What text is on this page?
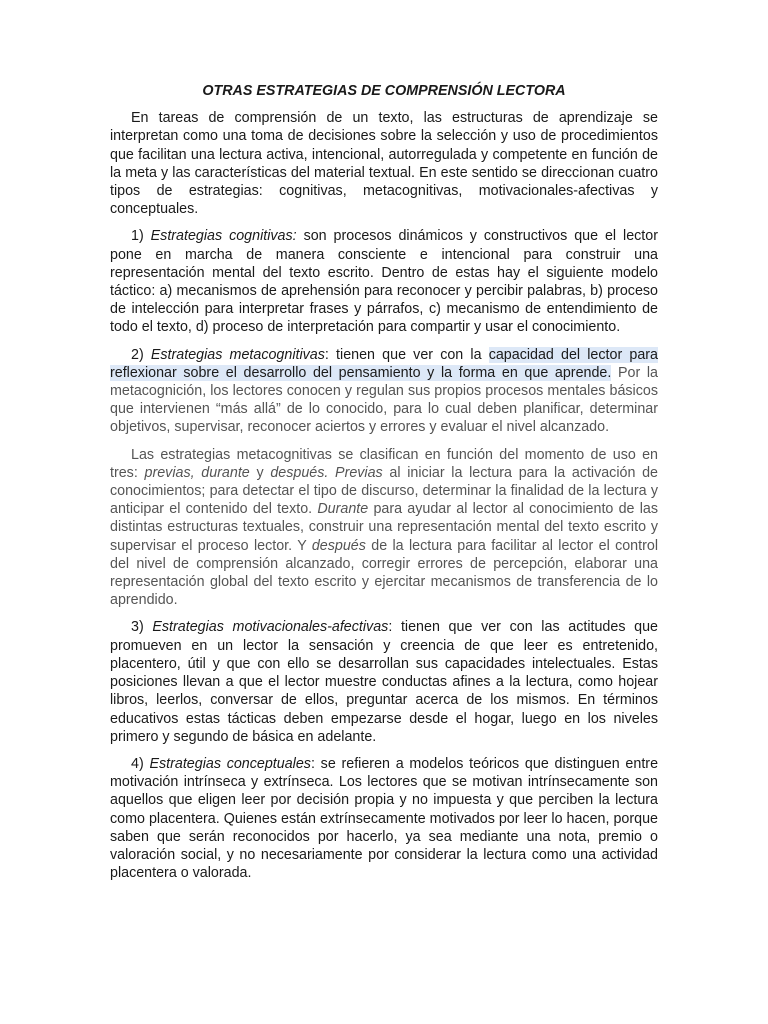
OTRAS ESTRATEGIAS DE COMPRENSIÓN LECTORA

En tareas de comprensión de un texto, las estructuras de aprendizaje se interpretan como una toma de decisiones sobre la selección y uso de procedimientos que facilitan una lectura activa, intencional, autorregulada y competente en función de la meta y las características del material textual. En este sentido se direccionan cuatro tipos de estrategias: cognitivas, metacognitivas, motivacionales-afectivas y conceptuales.

1) Estrategias cognitivas: son procesos dinámicos y constructivos que el lector pone en marcha de manera consciente e intencional para construir una representación mental del texto escrito. Dentro de estas hay el siguiente modelo táctico: a) mecanismos de aprehensión para reconocer y percibir palabras, b) proceso de intelección para interpretar frases y párrafos, c) mecanismo de entendimiento de todo el texto, d) proceso de interpretación para compartir y usar el conocimiento.

2) Estrategias metacognitivas: tienen que ver con la capacidad del lector para reflexionar sobre el desarrollo del pensamiento y la forma en que aprende. Por la metacognición, los lectores conocen y regulan sus propios procesos mentales básicos que intervienen “más allá” de lo conocido, para lo cual deben planificar, determinar objetivos, supervisar, reconocer aciertos y errores y evaluar el nivel alcanzado.

Las estrategias metacognitivas se clasifican en función del momento de uso en tres: previas, durante y después. Previas al iniciar la lectura para la activación de conocimientos; para detectar el tipo de discurso, determinar la finalidad de la lectura y anticipar el contenido del texto. Durante para ayudar al lector al conocimiento de las distintas estructuras textuales, construir una representación mental del texto escrito y supervisar el proceso lector. Y después de la lectura para facilitar al lector el control del nivel de comprensión alcanzado, corregir errores de percepción, elaborar una representación global del texto escrito y ejercitar mecanismos de transferencia de lo aprendido.

3) Estrategias motivacionales-afectivas: tienen que ver con las actitudes que promueven en un lector la sensación y creencia de que leer es entretenido, placentero, útil y que con ello se desarrollan sus capacidades intelectuales. Estas posiciones llevan a que el lector muestre conductas afines a la lectura, como hojear libros, leerlos, conversar de ellos, preguntar acerca de los mismos. En términos educativos estas tácticas deben empezarse desde el hogar, luego en los niveles primero y segundo de básica en adelante.

4) Estrategias conceptuales: se refieren a modelos teóricos que distinguen entre motivación intrínseca y extrínseca. Los lectores que se motivan intrínsecamente son aquellos que eligen leer por decisión propia y no impuesta y que perciben la lectura como placentera. Quienes están extrínsecamente motivados por leer lo hacen, porque saben que serán reconocidos por hacerlo, ya sea mediante una nota, premio o valoración social, y no necesariamente por considerar la lectura como una actividad placentera o valorada.
